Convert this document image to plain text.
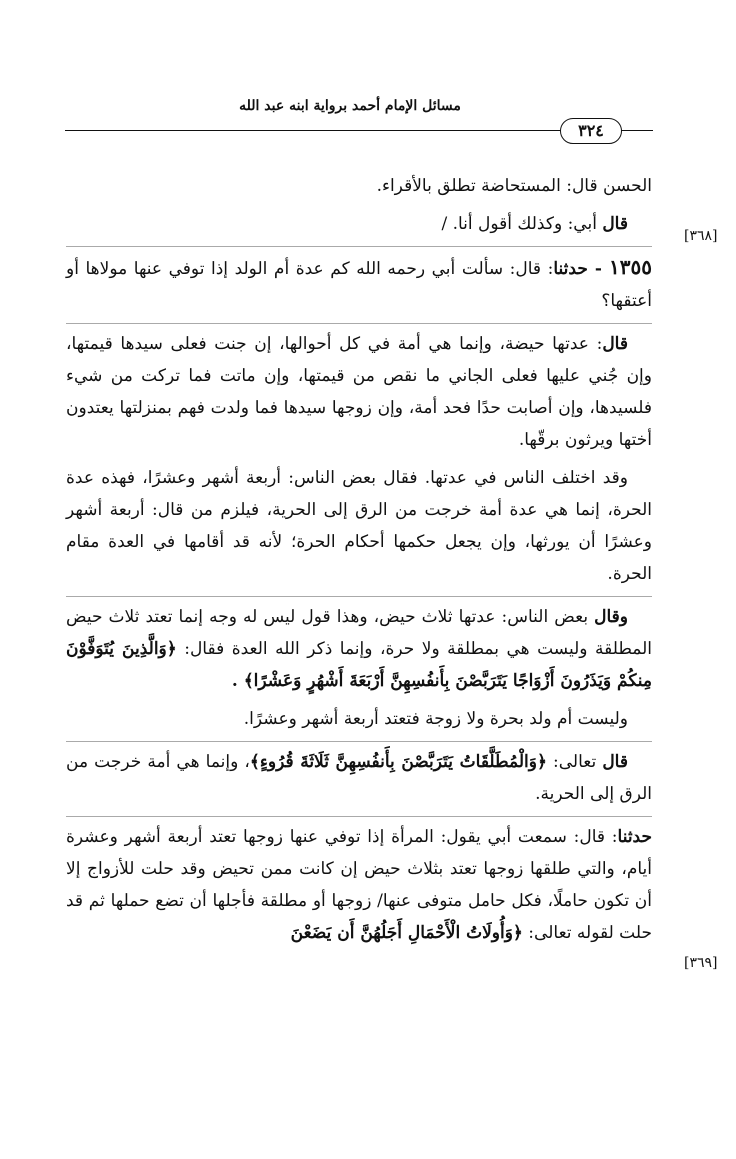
مسائل الإمام أحمد برواية ابنه عبد الله
٣٢٤
[٣٦٨]
[٣٦٩]

الحسن قال: المستحاضة تطلق بالأقراء.

قال أبي: وكذلك أقول أنا. /

١٣٥٥ - حدثنا: قال: سألت أبي رحمه الله كم عدة أم الولد إذا توفي عنها مولاها أو أعتقها؟

قال: عدتها حيضة، وإنما هي أمة في كل أحوالها، إن جنت فعلى سيدها قيمتها، وإن جُني عليها فعلى الجاني ما نقص من قيمتها، وإن ماتت فما تركت من شيء فلسيدها، وإن أصابت حدًا فحد أمة، وإن زوجها سيدها فما ولدت فهم بمنزلتها يعتدون أختها ويرثون برقّها.

وقد اختلف الناس في عدتها. فقال بعض الناس: أربعة أشهر وعشرًا، فهذه عدة الحرة، إنما هي عدة أمة خرجت من الرق إلى الحرية، فيلزم من قال: أربعة أشهر وعشرًا أن يورثها، وإن يجعل حكمها أحكام الحرة؛ لأنه قد أقامها في العدة مقام الحرة.

وقال بعض الناس: عدتها ثلاث حيض، وهذا قول ليس له وجه إنما تعتد ثلاث حيض المطلقة وليست هي بمطلقة ولا حرة، وإنما ذكر الله العدة فقال: ﴿وَالَّذِينَ يُتَوَفَّوْنَ مِنكُمْ وَيَذَرُونَ أَزْوَاجًا يَتَرَبَّصْنَ بِأَنفُسِهِنَّ أَرْبَعَةَ أَشْهُرٍ وَعَشْرًا﴾ .

وليست أم ولد بحرة ولا زوجة فتعتد أربعة أشهر وعشرًا.

قال تعالى: ﴿وَالْمُطَلَّقَاتُ يَتَرَبَّصْنَ بِأَنفُسِهِنَّ ثَلَاثَةَ قُرُوءٍ﴾، وإنما هي أمة خرجت من الرق إلى الحرية.

حدثنا: قال: سمعت أبي يقول: المرأة إذا توفي عنها زوجها تعتد أربعة أشهر وعشرة أيام، والتي طلقها زوجها تعتد بثلاث حيض إن كانت ممن تحيض وقد حلت للأزواج إلا أن تكون حاملًا، فكل حامل متوفى عنها/ زوجها أو مطلقة فأجلها أن تضع حملها ثم قد حلت لقوله تعالى: ﴿وَأُولَاتُ الْأَحْمَالِ أَجَلُهُنَّ أَن يَضَعْنَ
